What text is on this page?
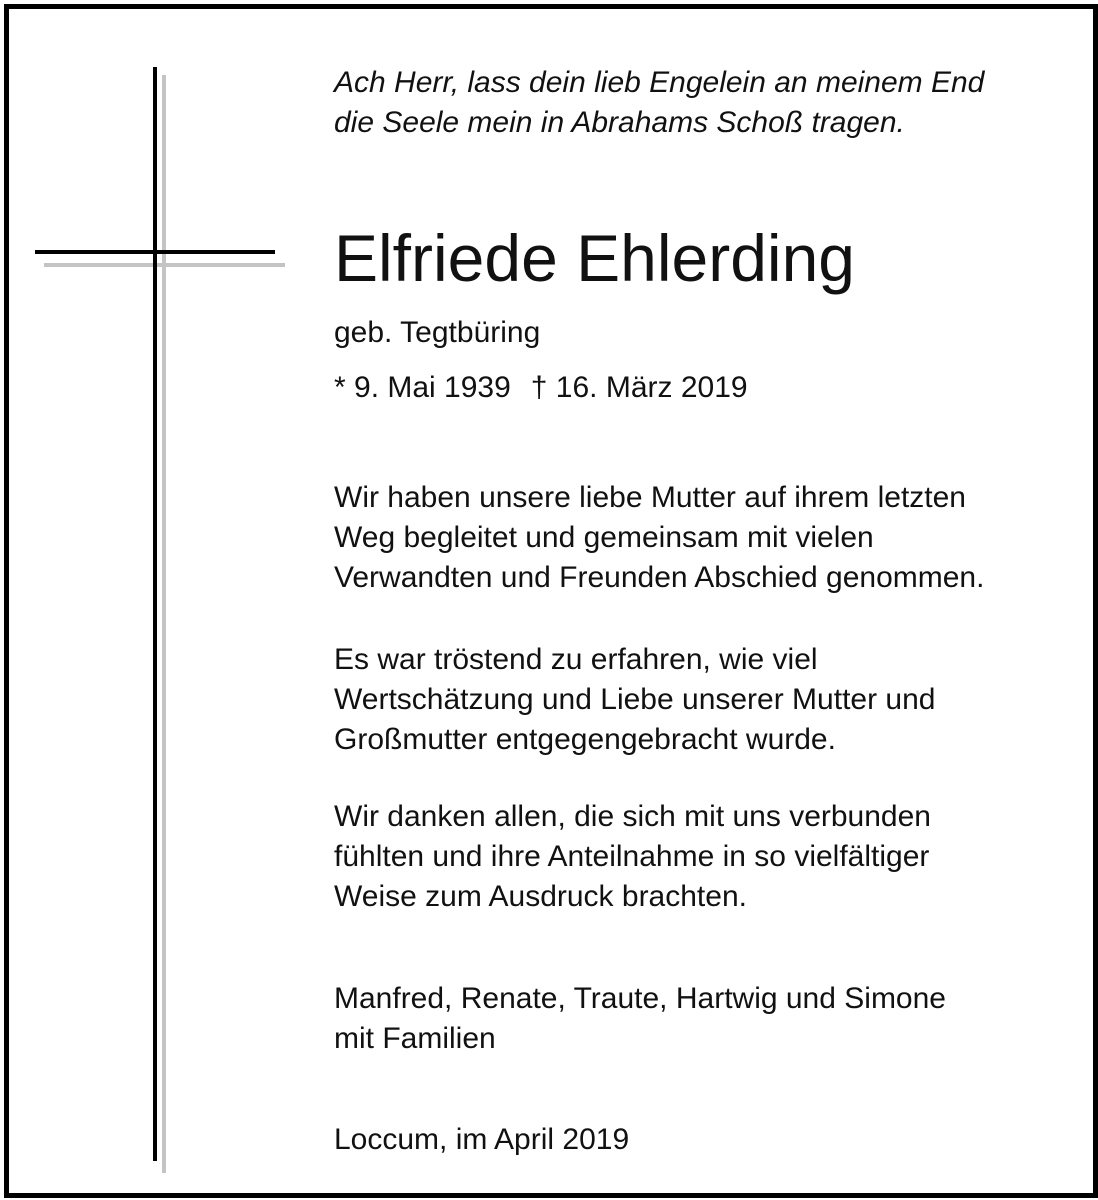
Ach Herr, lass dein lieb Engelein an meinem End
die Seele mein in Abrahams Schoß tragen.
Elfriede Ehlerding
geb. Tegtbüring
* 9. Mai 1939 † 16. März 2019
Wir haben unsere liebe Mutter auf ihrem letzten
Weg begleitet und gemeinsam mit vielen
Verwandten und Freunden Abschied genommen.
Es war tröstend zu erfahren, wie viel
Wertschätzung und Liebe unserer Mutter und
Großmutter entgegengebracht wurde.
Wir danken allen, die sich mit uns verbunden
fühlten und ihre Anteilnahme in so vielfältiger
Weise zum Ausdruck brachten.
Manfred, Renate, Traute, Hartwig und Simone
mit Familien
Loccum, im April 2019
